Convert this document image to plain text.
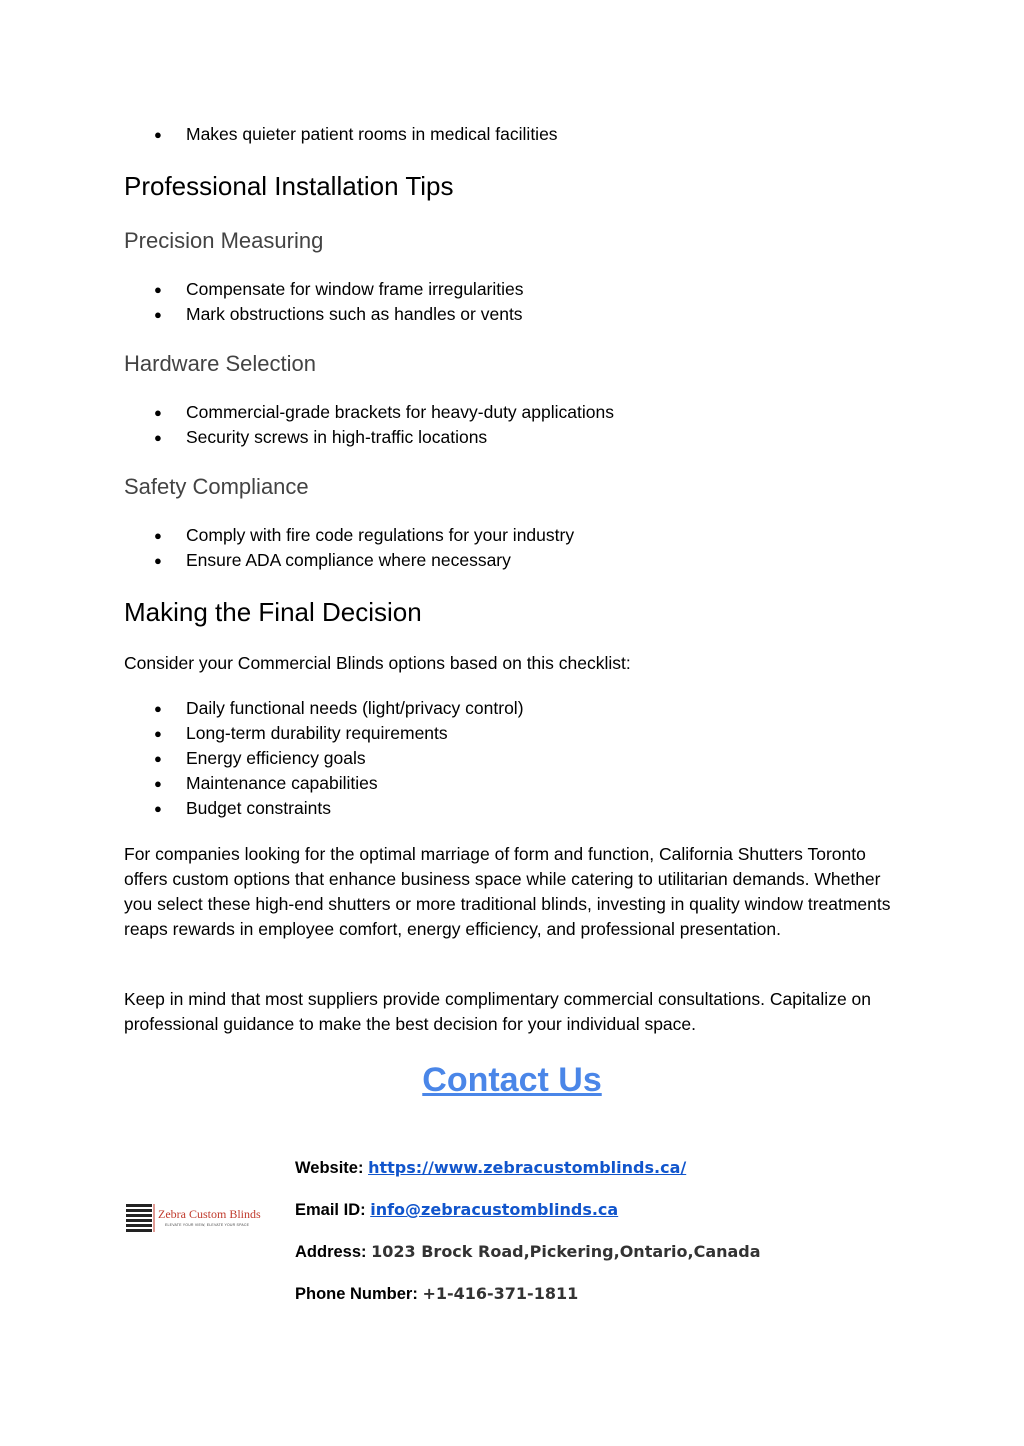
● Makes quieter patient rooms in medical facilities
Professional Installation Tips
Precision Measuring
● Compensate for window frame irregularities
● Mark obstructions such as handles or vents
Hardware Selection
● Commercial-grade brackets for heavy-duty applications
● Security screws in high-traffic locations
Safety Compliance
● Comply with fire code regulations for your industry
● Ensure ADA compliance where necessary
Making the Final Decision

Consider your Commercial Blinds options based on this checklist:

● Daily functional needs (light/privacy control)
● Long-term durability requirements
● Energy efficiency goals
● Maintenance capabilities
● Budget constraints

For companies looking for the optimal marriage of form and function, California Shutters Toronto offers custom options that enhance business space while catering to utilitarian demands. Whether you select these high-end shutters or more traditional blinds, investing in quality window treatments reaps rewards in employee comfort, energy efficiency, and professional presentation.

Keep in mind that most suppliers provide complimentary commercial consultations. Capitalize on professional guidance to make the best decision for your individual space.

Contact Us
Zebra Custom Blinds
ELEVATE YOUR VIEW, ELEVATE YOUR SPACE
Website: https://www.zebracustomblinds.ca/
Email ID: info@zebracustomblinds.ca
Address: 1023 Brock Road,Pickering,Ontario,Canada
Phone Number: +1-416-371-1811
